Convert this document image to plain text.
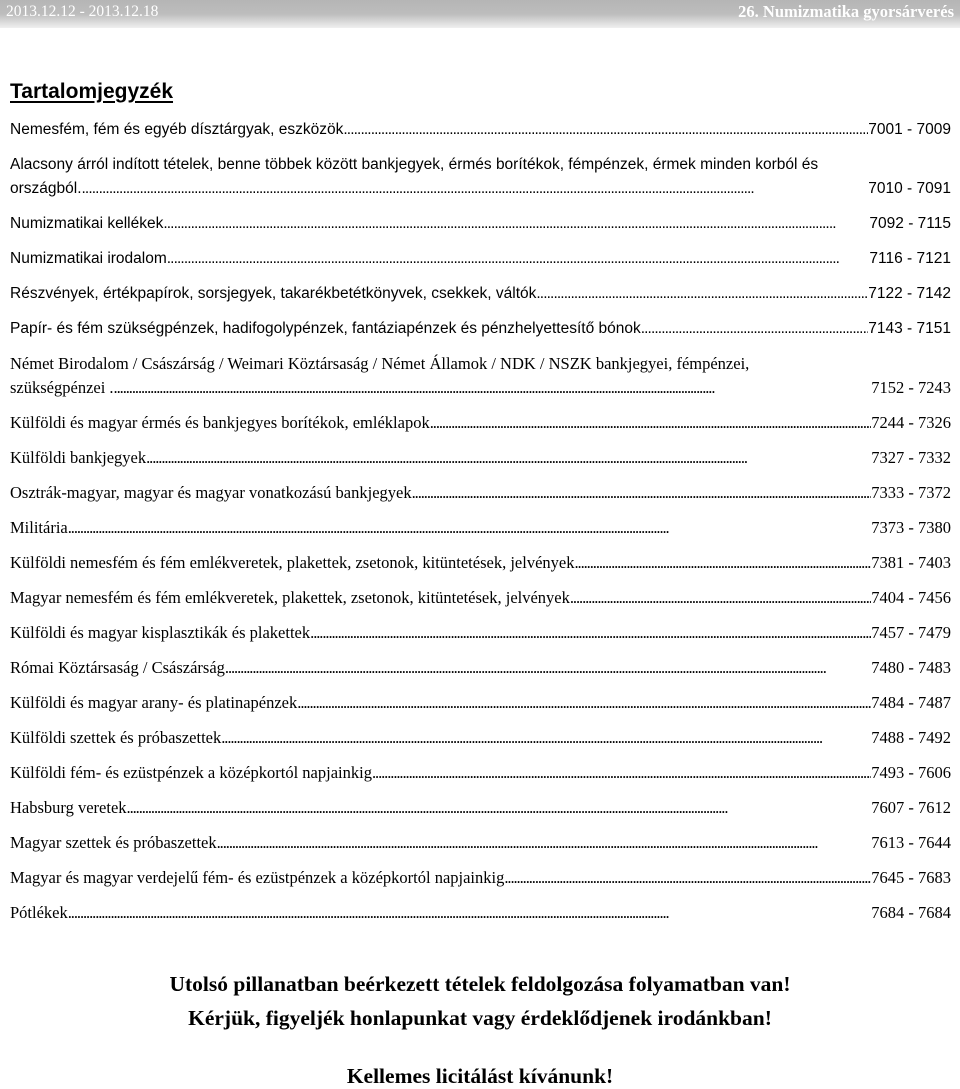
2013.12.12 - 2013.12.18	26. Numizmatika gyorsárverés
Tartalomjegyzék
Nemesfém, fém és egyéb dísztárgyak, eszközök . . .	7001 - 7009
Alacsony árról indított tételek, benne többek között bankjegyek, érmés borítékok, fémpénzek, érmek minden korból és
országból. . . .	7010 - 7091
Numizmatikai kellékek . . .	7092 - 7115
Numizmatikai irodalom . . .	7116 - 7121
Részvények, értékpapírok, sorsjegyek, takarékbetétkönyvek, csekkek, váltók . . .	7122 - 7142
Papír- és fém szükségpénzek, hadifogolypénzek, fantáziapénzek és pénzhelyettesítő bónok . . .	7143 - 7151
Német Birodalom / Császárság / Weimari Köztársaság / Német Államok / NDK / NSZK bankjegyei, fémpénzei,
szükségpénzei . . . .	7152 - 7243
Külföldi és magyar érmés és bankjegyes borítékok, emléklapok . . .	7244 - 7326
Külföldi bankjegyek . . .	7327 - 7332
Osztrák-magyar, magyar és magyar vonatkozású bankjegyek . . .	7333 - 7372
Militária . . .	7373 - 7380
Külföldi nemesfém és fém emlékveretek, plakettek, zsetonok, kitüntetések, jelvények . . .	7381 - 7403
Magyar nemesfém és fém emlékveretek, plakettek, zsetonok, kitüntetések, jelvények . . .	7404 - 7456
Külföldi és magyar kisplasztikák és plakettek . . .	7457 - 7479
Római Köztársaság / Császárság . . .	7480 - 7483
Külföldi és magyar arany- és platinapénzek . . .	7484 - 7487
Külföldi szettek és próbaszettek . . .	7488 - 7492
Külföldi fém- és ezüstpénzek a középkortól napjainkig . . .	7493 - 7606
Habsburg veretek . . .	7607 - 7612
Magyar szettek és próbaszettek . . .	7613 - 7644
Magyar és magyar verdejelű fém- és ezüstpénzek a középkortól napjainkig . . .	7645 - 7683
Pótlékek . . .	7684 - 7684
Utolsó pillanatban beérkezett tételek feldolgozása folyamatban van!
Kérjük, figyeljék honlapunkat vagy érdeklődjenek irodánkban!
Kellemes licitálást kívánunk!
